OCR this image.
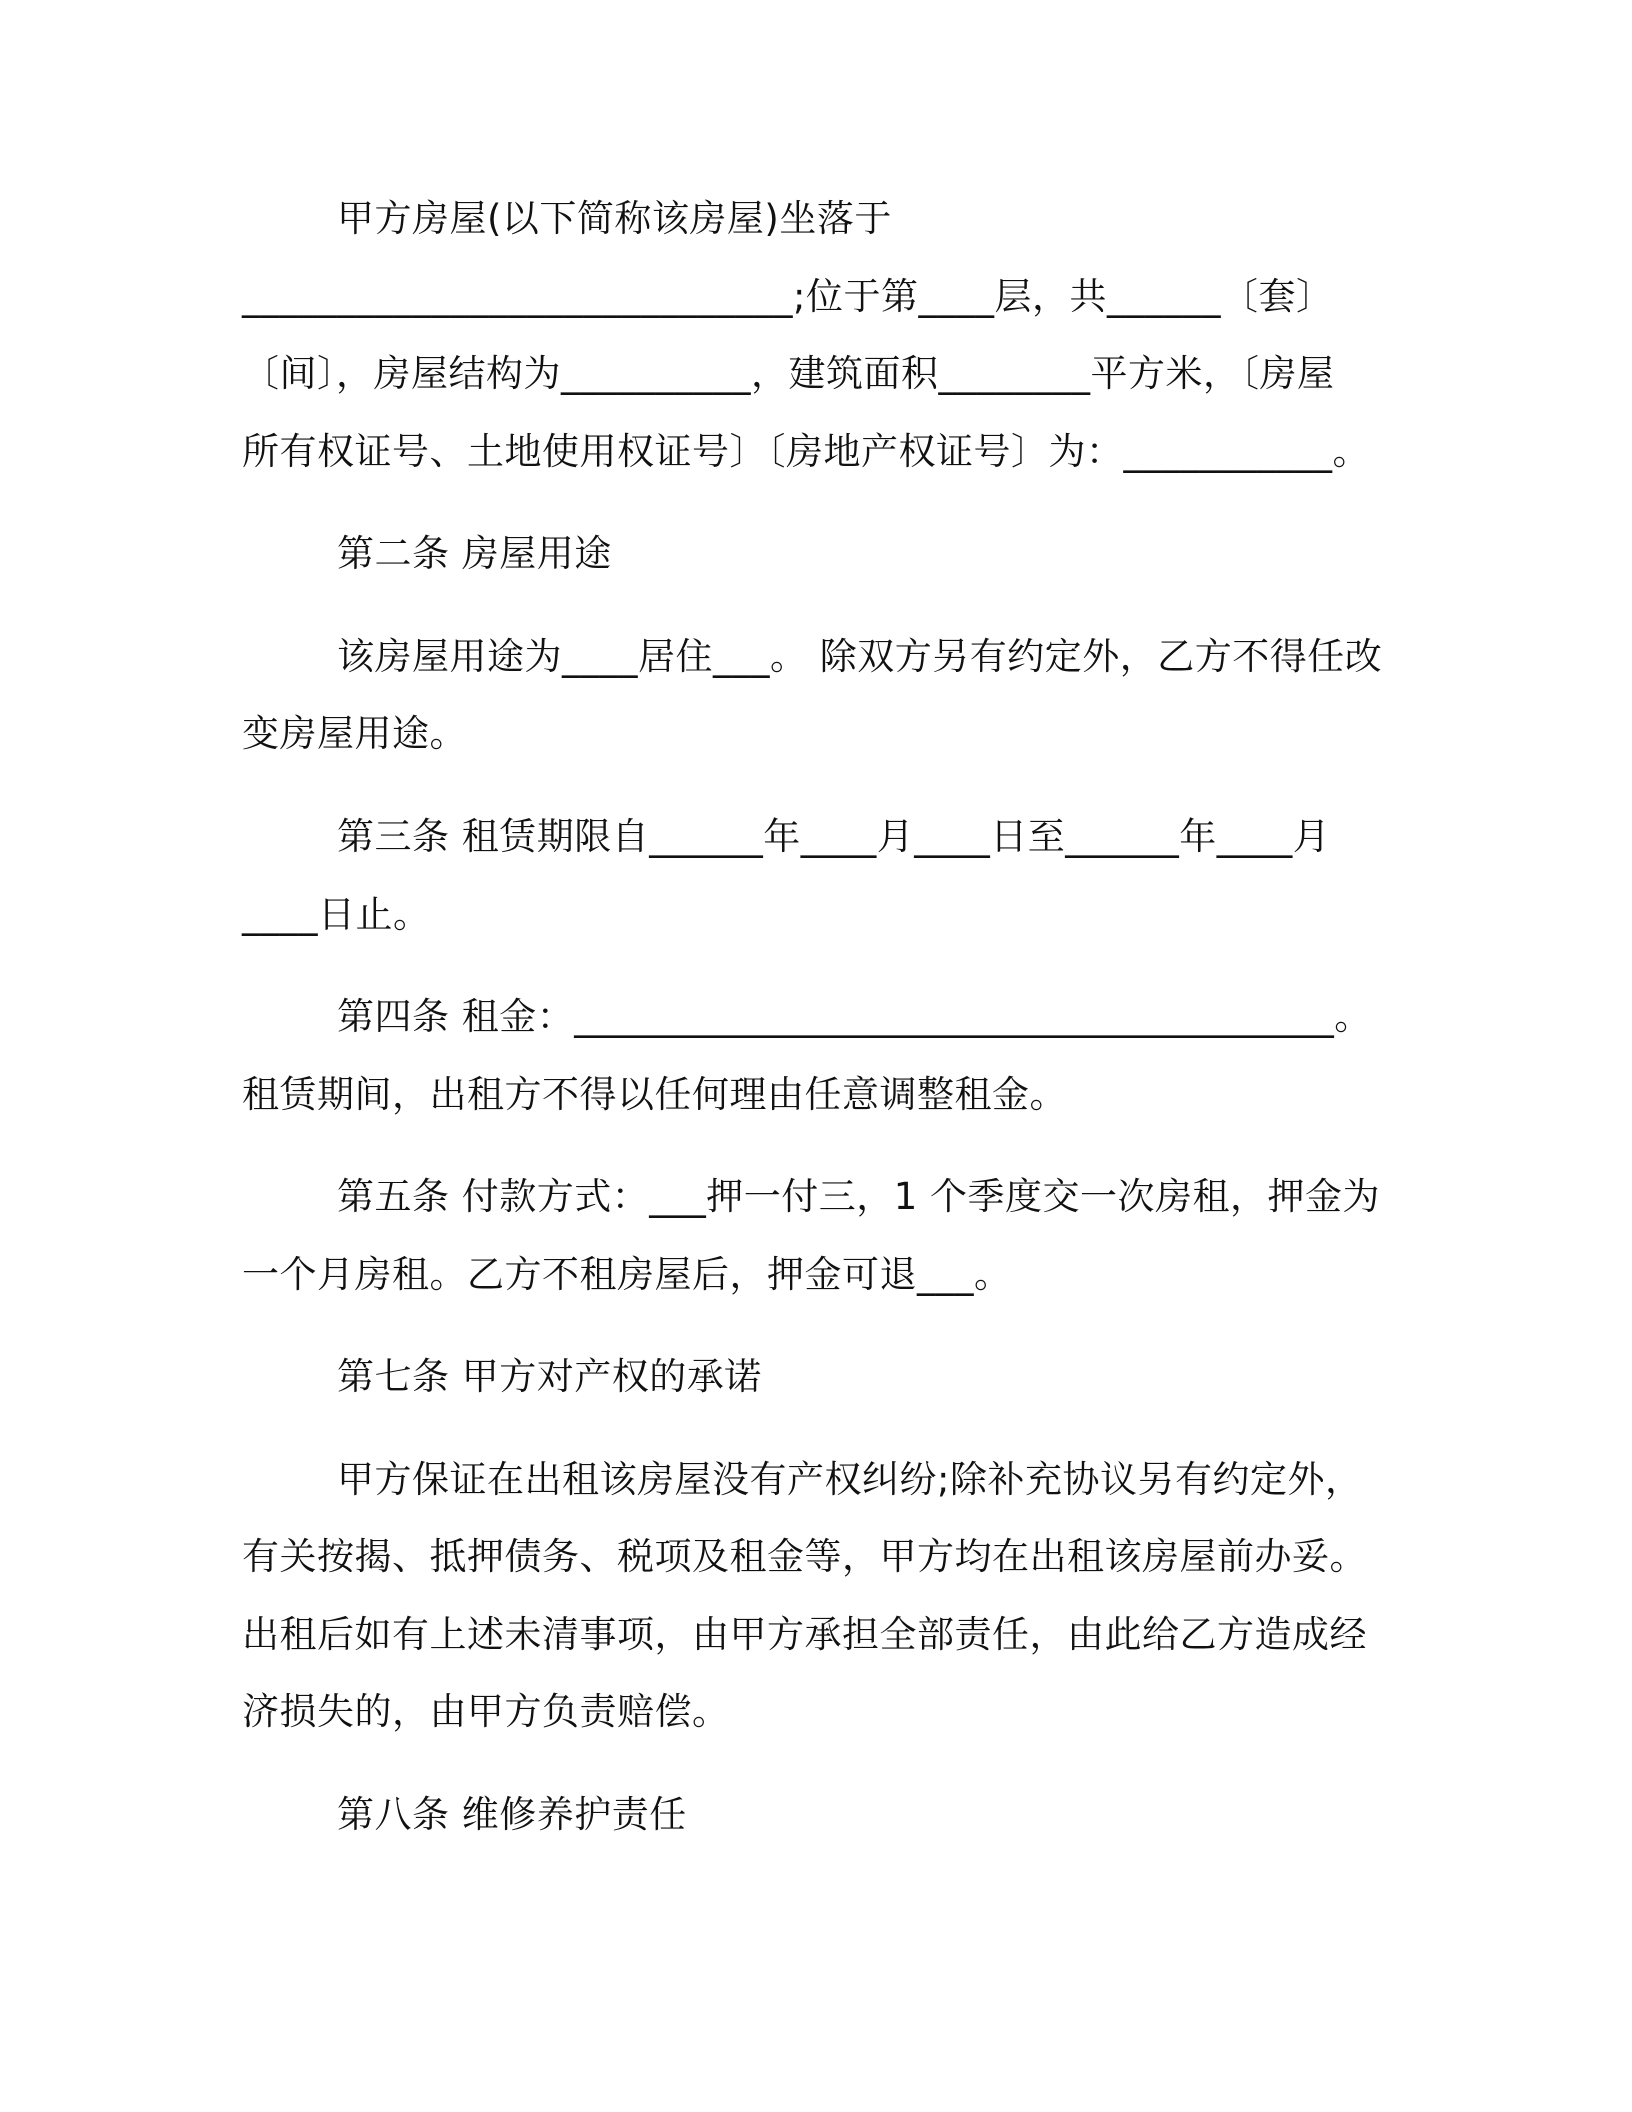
甲方房屋(以下简称该房屋)坐落于
_____________________________;位于第____层，共______〔套〕
〔间〕，房屋结构为__________，建筑面积________平方米，〔房屋
所有权证号、土地使用权证号〕〔房地产权证号〕为：___________。
第二条 房屋用途
该房屋用途为____居住___。 除双方另有约定外，乙方不得任改
变房屋用途。
第三条 租赁期限自______年____月____日至______年____月
____日止。
第四条 租金：________________________________________。
租赁期间，出租方不得以任何理由任意调整租金。
第五条 付款方式：___押一付三，1 个季度交一次房租，押金为
一个月房租。乙方不租房屋后，押金可退___。
第七条 甲方对产权的承诺
甲方保证在出租该房屋没有产权纠纷;除补充协议另有约定外，
有关按揭、抵押债务、税项及租金等，甲方均在出租该房屋前办妥。
出租后如有上述未清事项，由甲方承担全部责任，由此给乙方造成经
济损失的，由甲方负责赔偿。
第八条 维修养护责任
